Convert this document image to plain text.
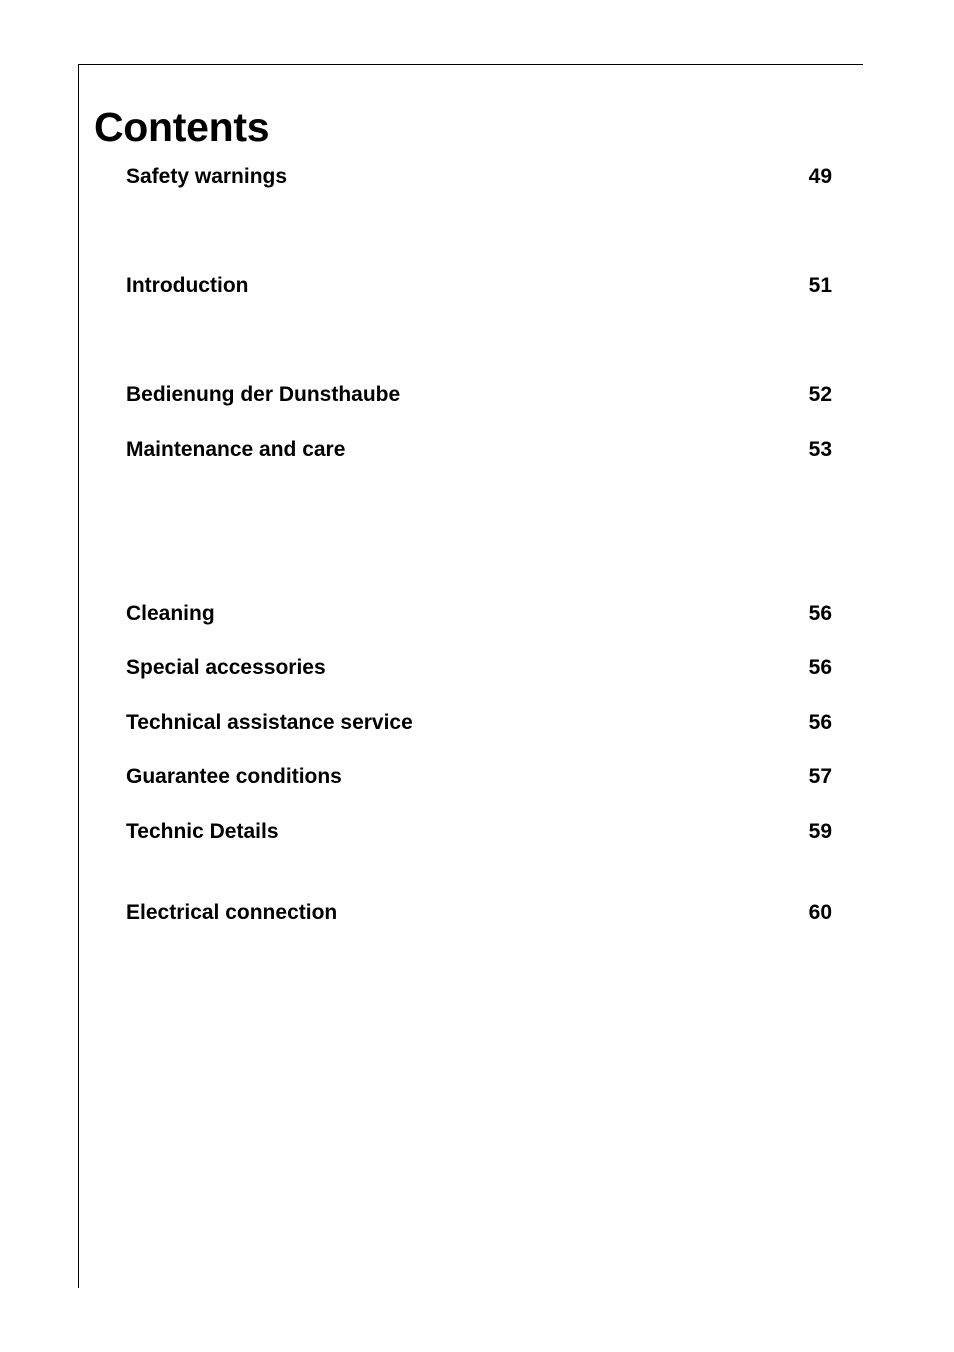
Contents
Safety warnings	49
Introduction	51
Bedienung der Dunsthaube	52
Maintenance and care	53
Cleaning	56
Special accessories	56
Technical assistance service	56
Guarantee conditions	57
Technic Details	59
Electrical connection	60
